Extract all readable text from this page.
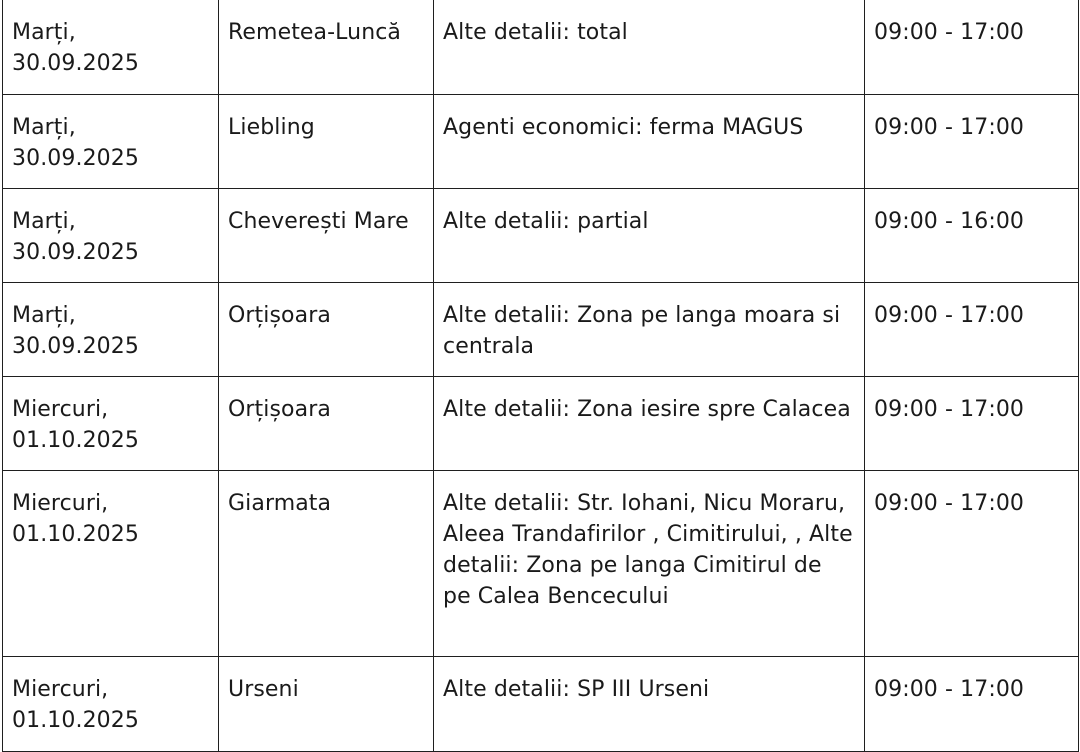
Marți,
30.09.2025	Remetea-Luncă	Alte detalii: total	09:00 - 17:00

Marți,
30.09.2025	Liebling	Agenti economici: ferma MAGUS	09:00 - 17:00

Marți,
30.09.2025	Cheverești Mare	Alte detalii: partial	09:00 - 16:00

Marți,
30.09.2025	Orțișoara	Alte detalii: Zona pe langa moara si centrala	09:00 - 17:00

Miercuri,
01.10.2025	Orțișoara	Alte detalii: Zona iesire spre Calacea	09:00 - 17:00

Miercuri,
01.10.2025	Giarmata	Alte detalii: Str. Iohani, Nicu Moraru, Aleea Trandafirilor , Cimitirului, , Alte detalii: Zona pe langa Cimitirul de pe Calea Bencecului	09:00 - 17:00

Miercuri,
01.10.2025	Urseni	Alte detalii: SP III Urseni	09:00 - 17:00
